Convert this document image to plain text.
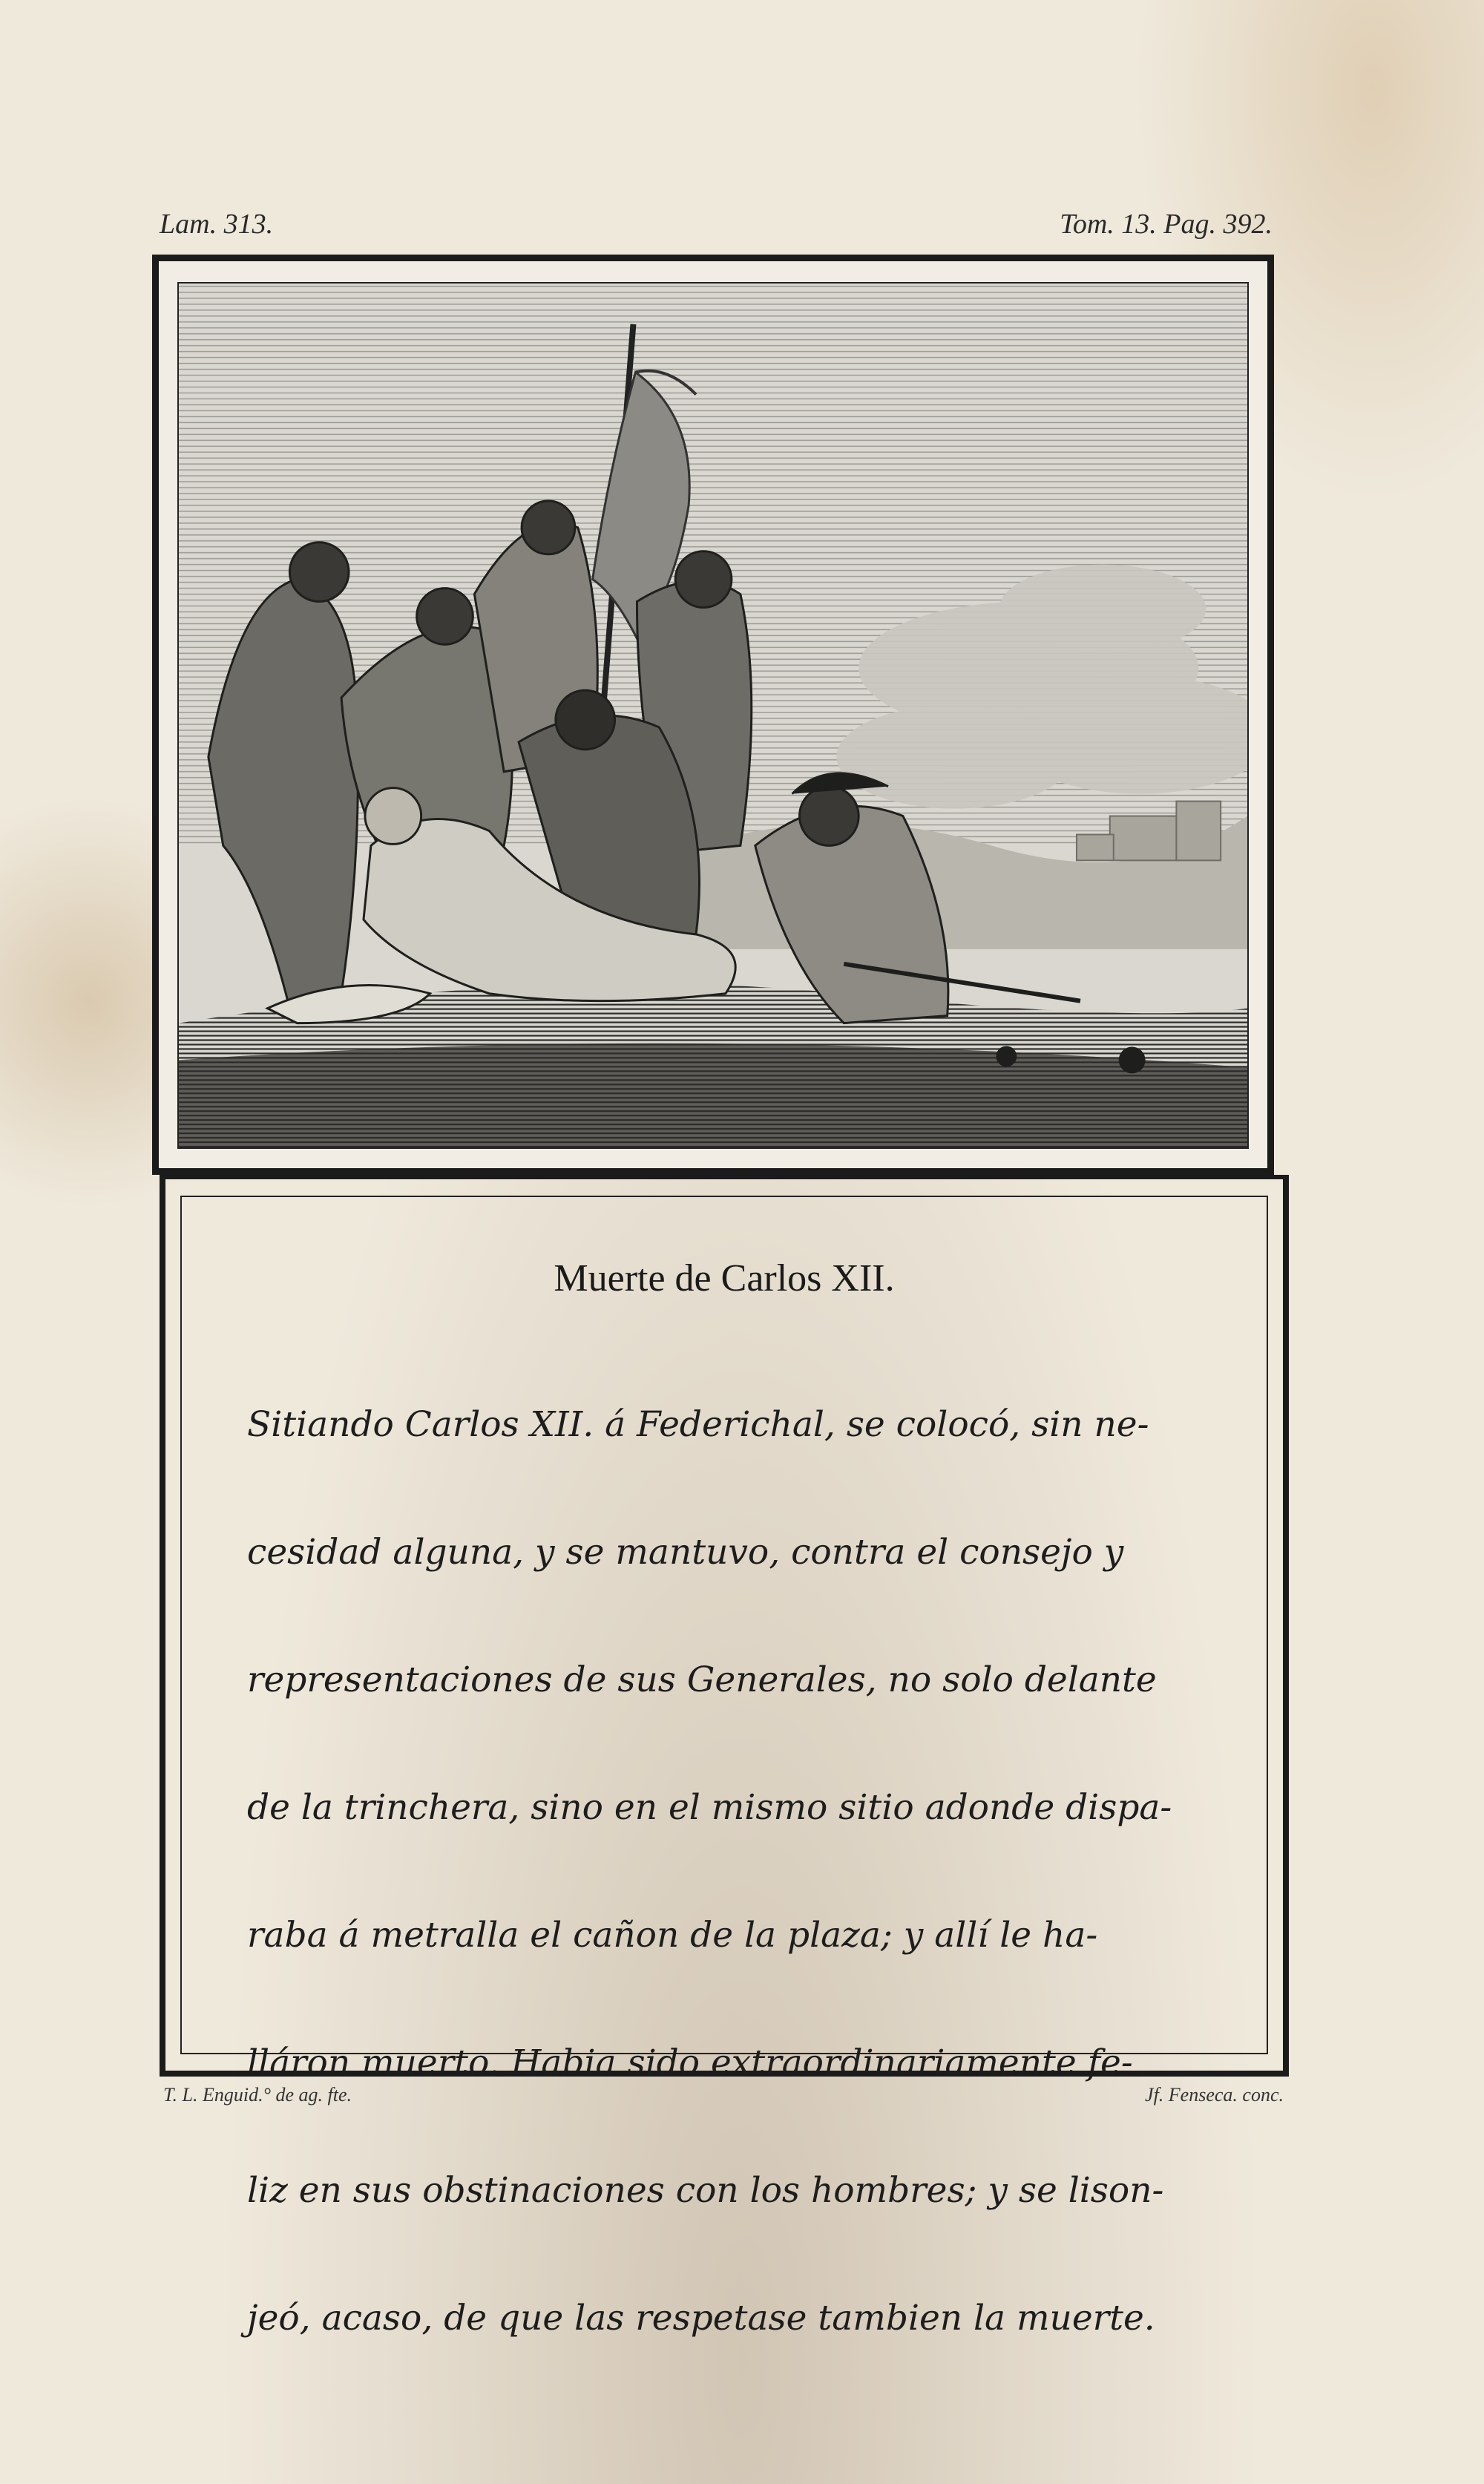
Lam. 313.	Tom. 13. Pag. 392.
Muerte de Carlos XII.

Sitiando Carlos XII. á Federichal, se colocó, sin ne-

cesidad alguna, y se mantuvo, contra el consejo y

representaciones de sus Generales, no solo delante

de la trinchera, sino en el mismo sitio adonde dispa-

raba á metralla el cañon de la plaza; y allí le ha-

lláron muerto. Habia sido extraordinariamente fe-

liz en sus obstinaciones con los hombres; y se lison-

jeó, acaso, de que las respetase tambien la muerte.

T. L. Enguid.° de ag. fte.	Jf. Fenseca. conc.
